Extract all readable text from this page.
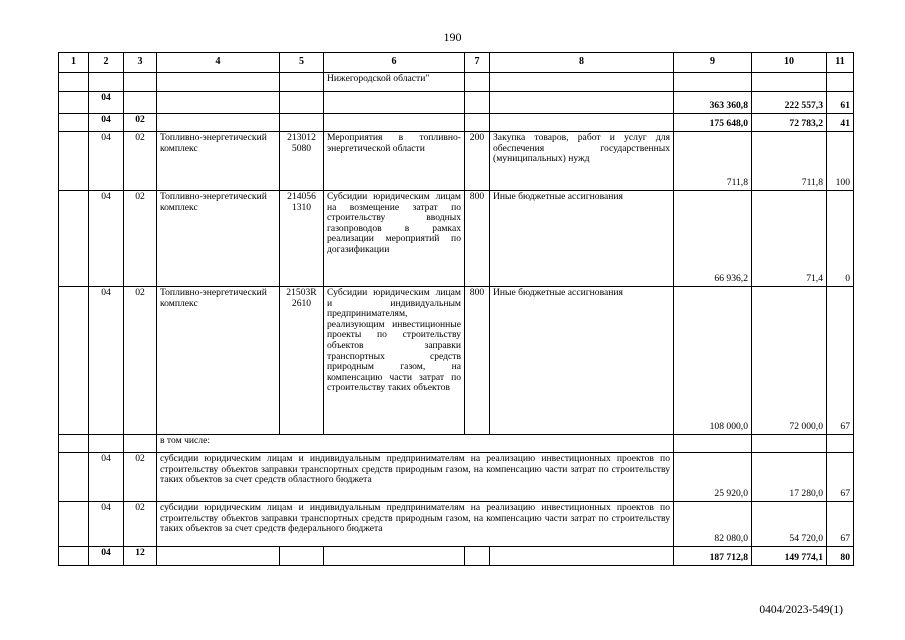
190
1	2	3	4	5	6	7	8	9	10	11
					Нижегородской области"					
	04							363 360,8	222 557,3	61
	04	02						175 648,0	72 783,2	41
	04	02	Топливно-энергетический комплекс	213012 5080	Мероприятия в топливно-энергетической области	200	Закупка товаров, работ и услуг для обеспечения государственных (муниципальных) нужд	711,8	711,8	100
	04	02	Топливно-энергетический комплекс	214056 1310	Субсидии юридическим лицам на возмещение затрат по строительству вводных газопроводов в рамках реализации мероприятий по догазификации	800	Иные бюджетные ассигнования	66 936,2	71,4	0
	04	02	Топливно-энергетический комплекс	21503R 2610	Субсидии юридическим лицам и индивидуальным предпринимателям, реализующим инвестиционные проекты по строительству объектов заправки транспортных средств природным газом, на компенсацию части затрат по строительству таких объектов	800	Иные бюджетные ассигнования	108 000,0	72 000,0	67
			в том числе:							
	04	02	субсидии юридическим лицам и индивидуальным предпринимателям на реализацию инвестиционных проектов по строительству объектов заправки транспортных средств природным газом, на компенсацию части затрат по строительству таких объектов за счет средств областного бюджета					25 920,0	17 280,0	67
	04	02	субсидии юридическим лицам и индивидуальным предпринимателям на реализацию инвестиционных проектов по строительству объектов заправки транспортных средств природным газом, на компенсацию части затрат по строительству таких объектов за счет средств федерального бюджета					82 080,0	54 720,0	67
	04	12						187 712,8	149 774,1	80
0404/2023-549(1)
